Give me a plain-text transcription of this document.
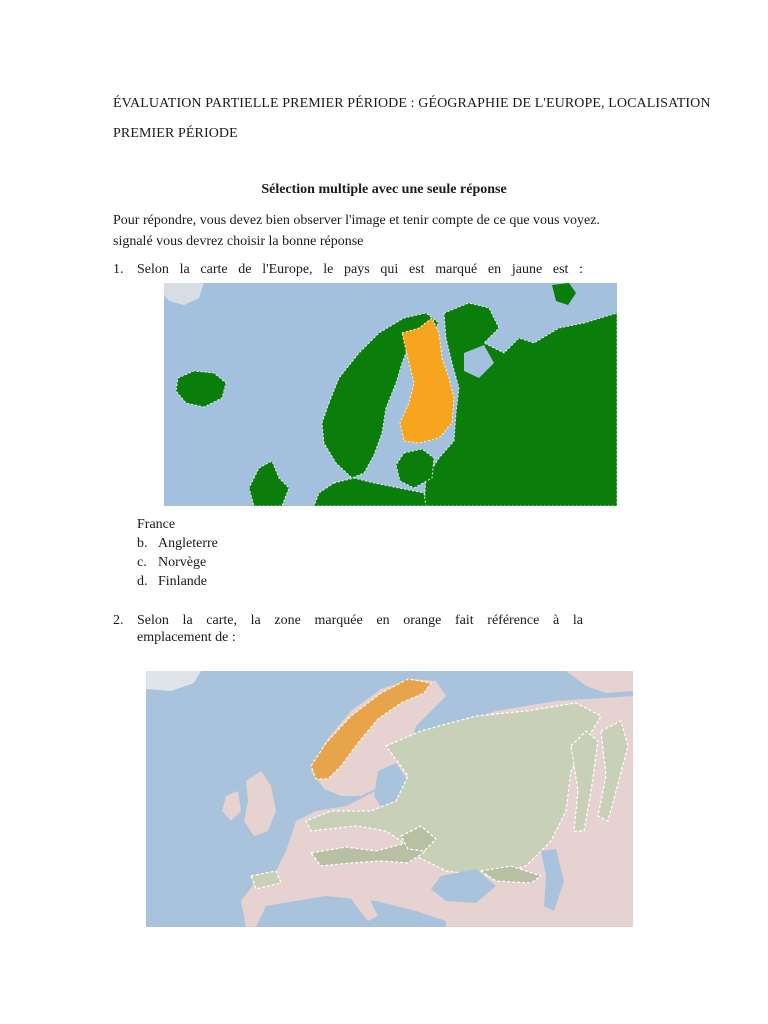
ÉVALUATION PARTIELLE PREMIER PÉRIODE : GÉOGRAPHIE DE L'EUROPE, LOCALISATION
PREMIER PÉRIODE
Sélection multiple avec une seule réponse
Pour répondre, vous devez bien observer l'image et tenir compte de ce que vous voyez.
signalé vous devrez choisir la bonne réponse
1. Selon la carte de l'Europe, le pays qui est marqué en jaune est :
France
b. Angleterre
c. Norvège
d. Finlande
2. Selon la carte, la zone marquée en orange fait référence à la
emplacement de :
